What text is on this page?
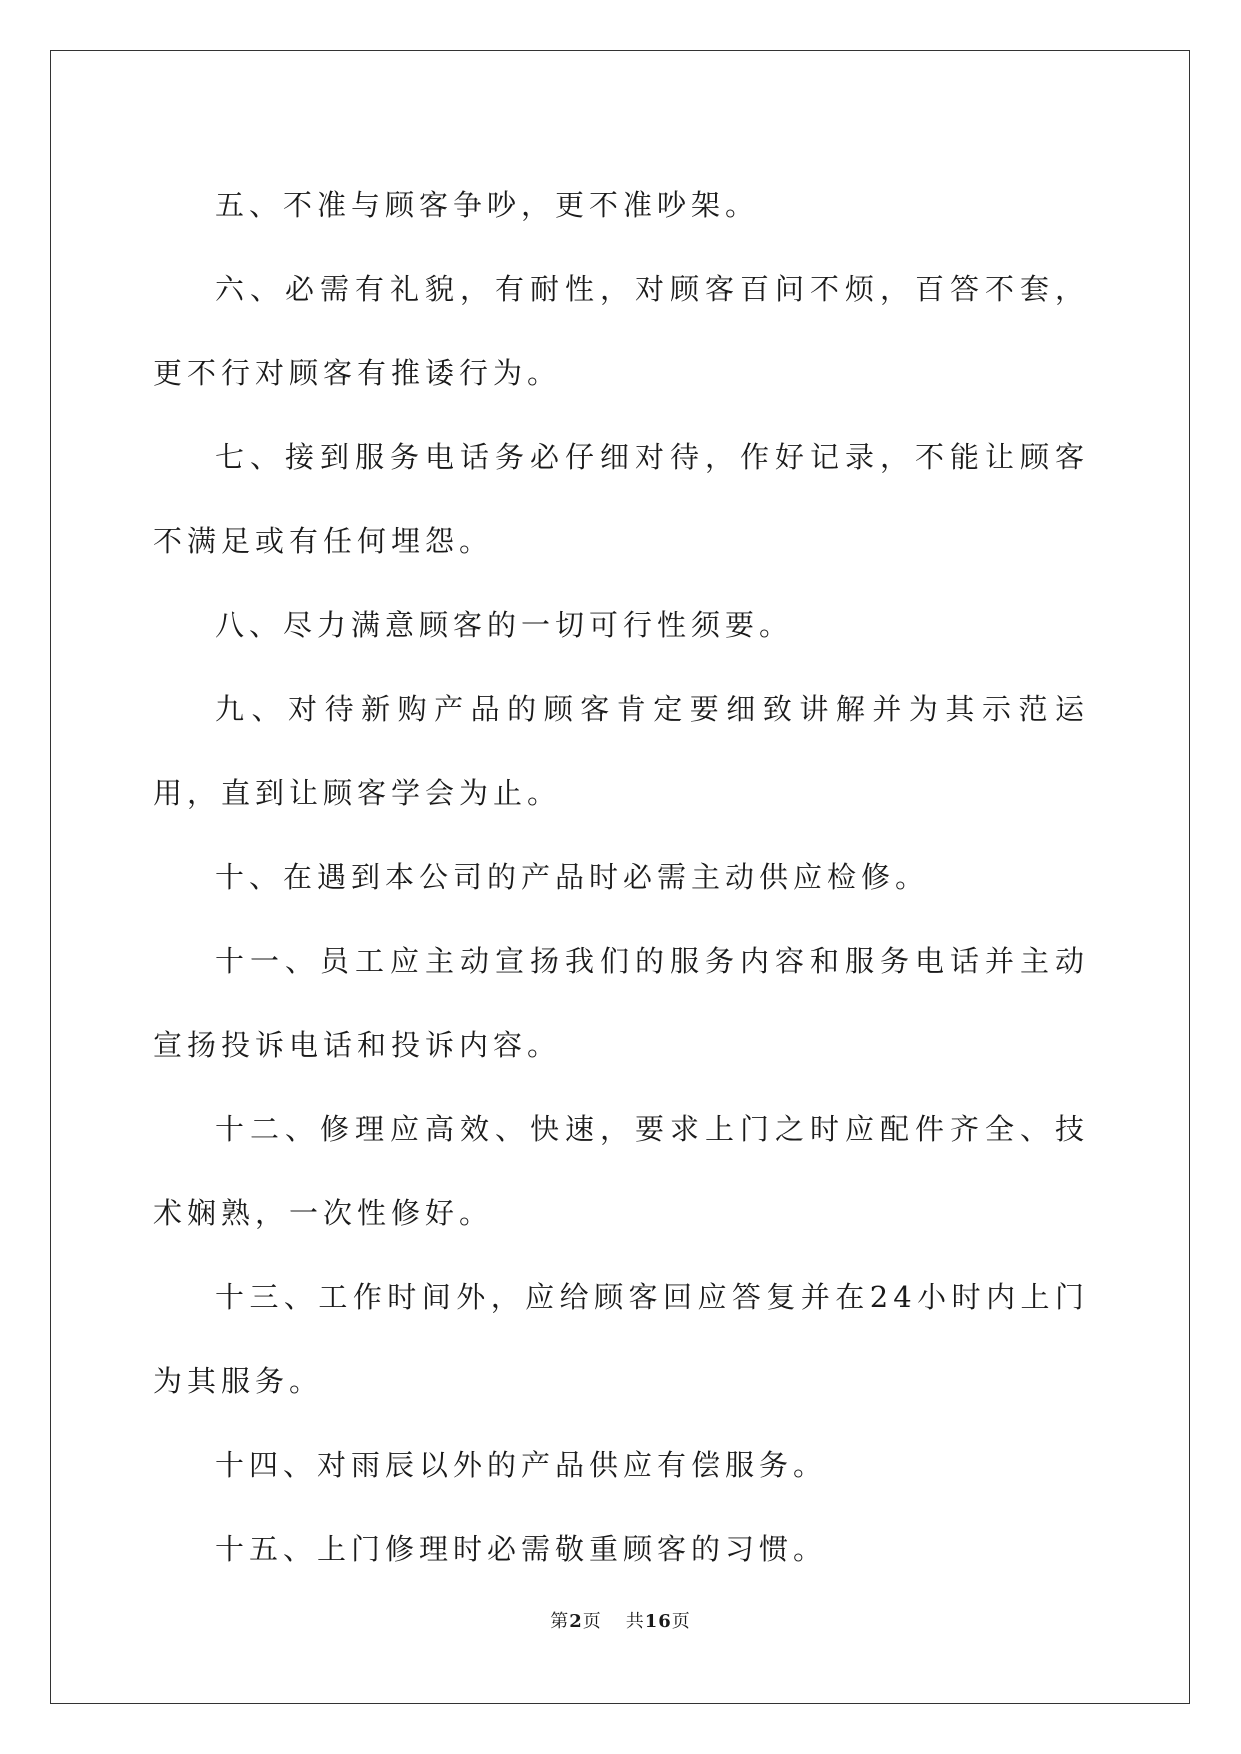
五、不准与顾客争吵，更不准吵架。

六、必需有礼貌，有耐性，对顾客百问不烦，百答不套，更不行对顾客有推诿行为。

七、接到服务电话务必仔细对待，作好记录，不能让顾客不满足或有任何埋怨。

八、尽力满意顾客的一切可行性须要。

九、对待新购产品的顾客肯定要细致讲解并为其示范运用，直到让顾客学会为止。

十、在遇到本公司的产品时必需主动供应检修。

十一、员工应主动宣扬我们的服务内容和服务电话并主动宣扬投诉电话和投诉内容。

十二、修理应高效、快速，要求上门之时应配件齐全、技术娴熟，一次性修好。

十三、工作时间外，应给顾客回应答复并在24小时内上门为其服务。

十四、对雨辰以外的产品供应有偿服务。

十五、上门修理时必需敬重顾客的习惯。

第2页 共16页
